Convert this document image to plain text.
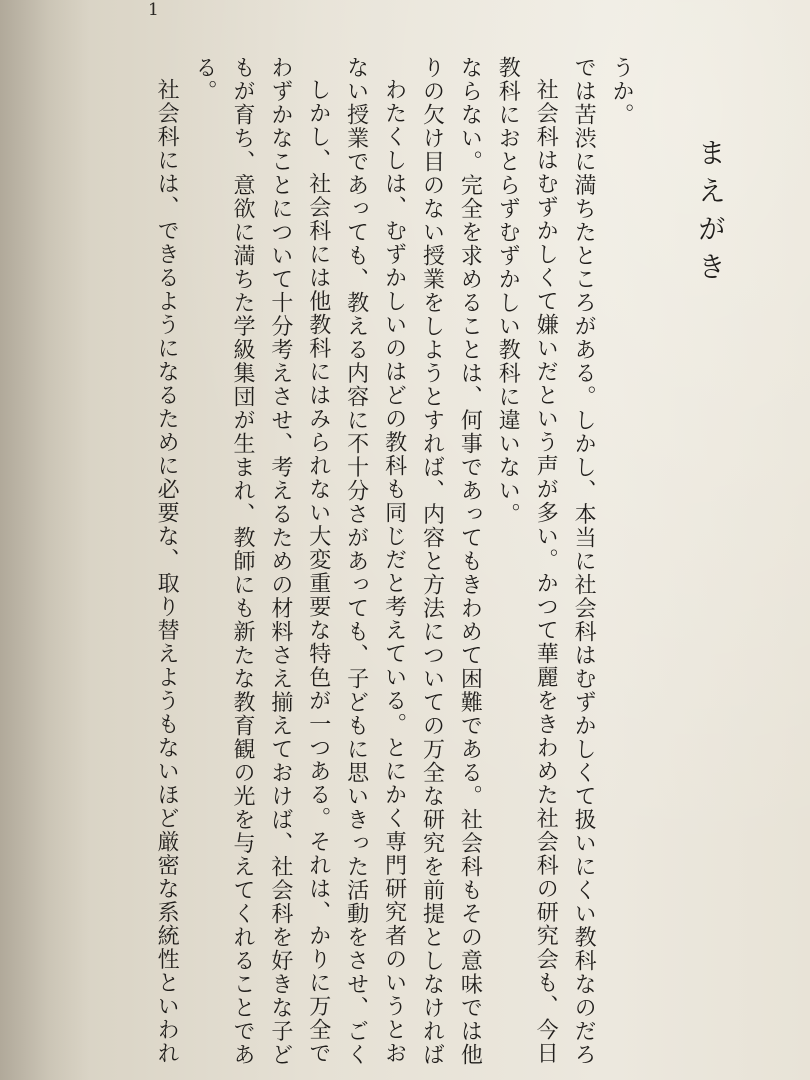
1
まえがき
うか。
では苦渋に満ちたところがある。しかし、本当に社会科はむずかしくて扱いにくい教科なのだろ
社会科はむずかしくて嫌いだという声が多い。かつて華麗をきわめた社会科の研究会も、今日
教科におとらずむずかしい教科に違いない。
ならない。完全を求めることは、何事であってもきわめて困難である。社会科もその意味では他
りの欠け目のない授業をしようとすれば、内容と方法についての万全な研究を前提としなければ
わたくしは、むずかしいのはどの教科も同じだと考えている。とにかく専門研究者のいうとお
ない授業であっても、教える内容に不十分さがあっても、子どもに思いきった活動をさせ、ごく
しかし、社会科には他教科にはみられない大変重要な特色が一つある。それは、かりに万全で
わずかなことについて十分考えさせ、考えるための材料さえ揃えておけば、社会科を好きな子ど
もが育ち、意欲に満ちた学級集団が生まれ、教師にも新たな教育観の光を与えてくれることであ
る。
社会科には、できるようになるために必要な、取り替えようもないほど厳密な系統性といわれ
